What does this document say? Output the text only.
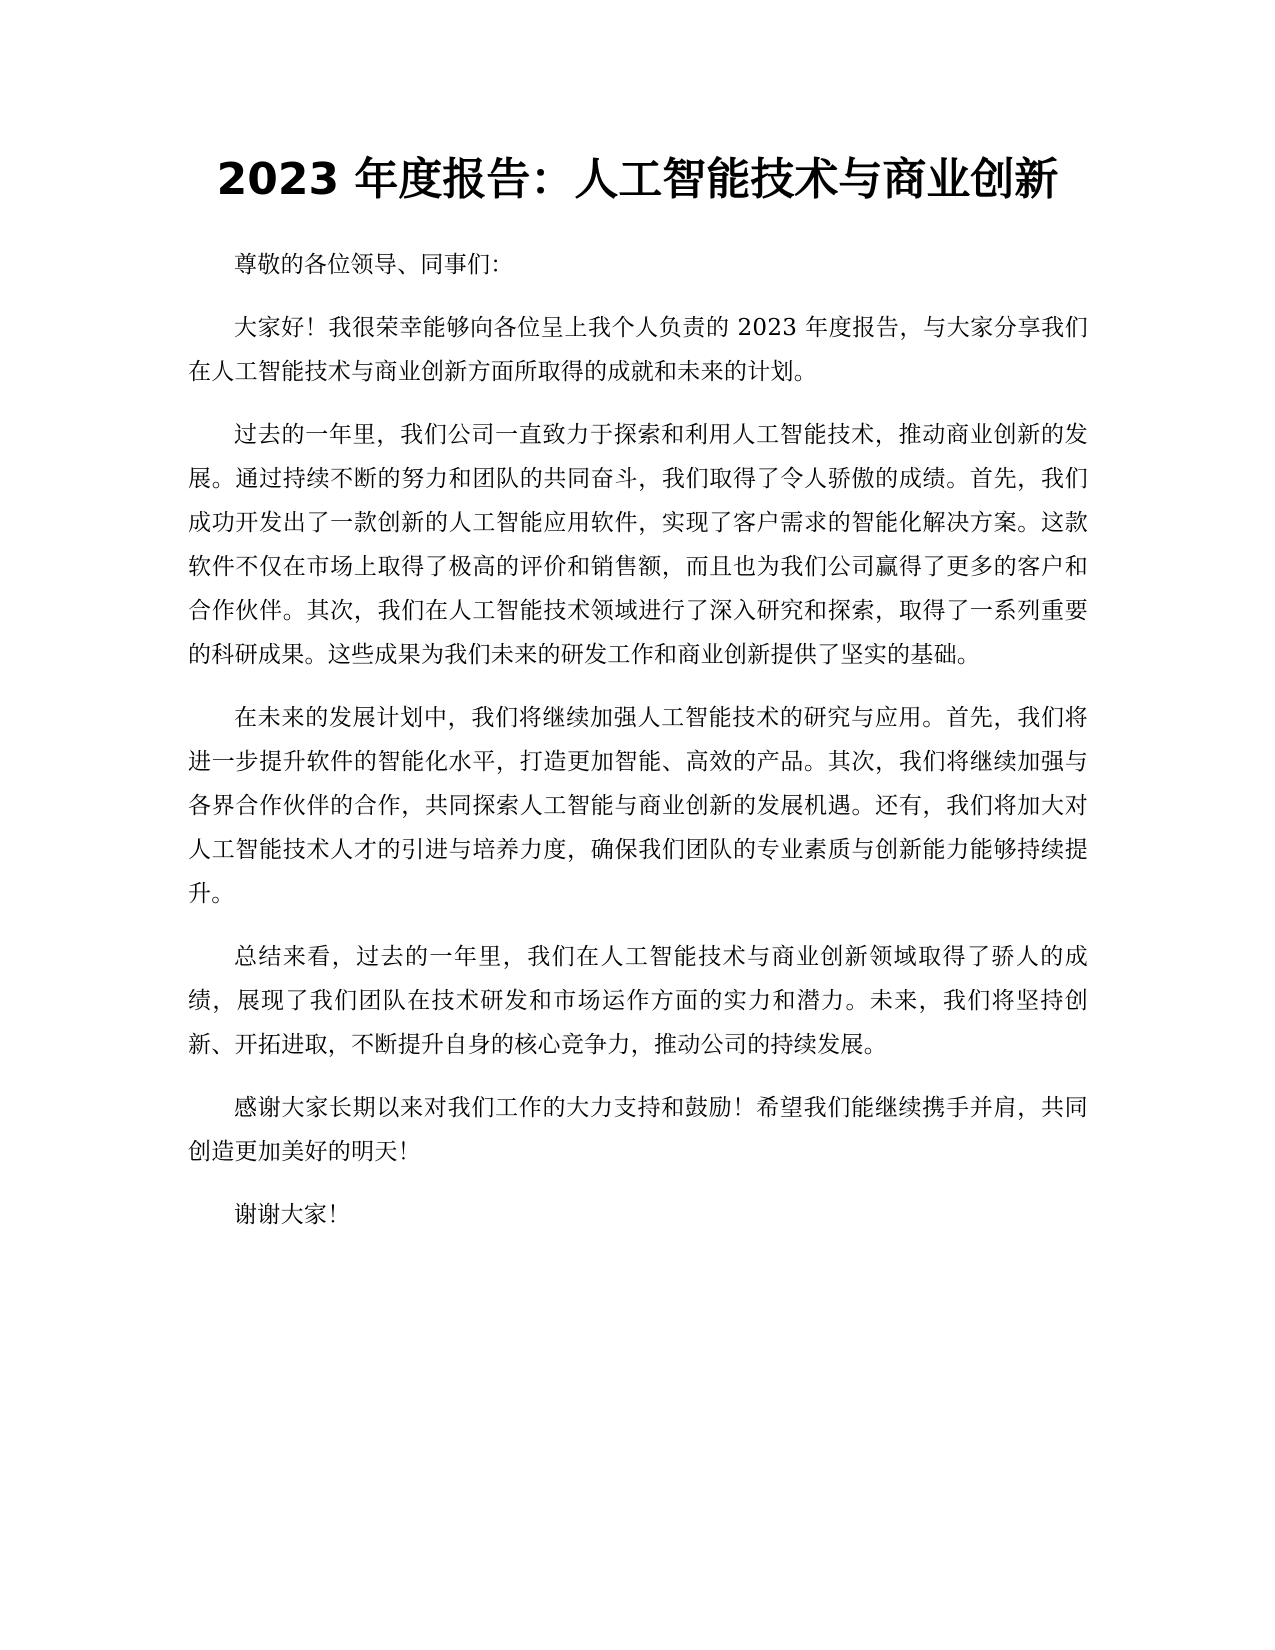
2023 年度报告：人工智能技术与商业创新

尊敬的各位领导、同事们：

大家好！我很荣幸能够向各位呈上我个人负责的 2023 年度报告，与大家分享我们在人工智能技术与商业创新方面所取得的成就和未来的计划。

过去的一年里，我们公司一直致力于探索和利用人工智能技术，推动商业创新的发展。通过持续不断的努力和团队的共同奋斗，我们取得了令人骄傲的成绩。首先，我们成功开发出了一款创新的人工智能应用软件，实现了客户需求的智能化解决方案。这款软件不仅在市场上取得了极高的评价和销售额，而且也为我们公司赢得了更多的客户和合作伙伴。其次，我们在人工智能技术领域进行了深入研究和探索，取得了一系列重要的科研成果。这些成果为我们未来的研发工作和商业创新提供了坚实的基础。

在未来的发展计划中，我们将继续加强人工智能技术的研究与应用。首先，我们将进一步提升软件的智能化水平，打造更加智能、高效的产品。其次，我们将继续加强与各界合作伙伴的合作，共同探索人工智能与商业创新的发展机遇。还有，我们将加大对人工智能技术人才的引进与培养力度，确保我们团队的专业素质与创新能力能够持续提升。

总结来看，过去的一年里，我们在人工智能技术与商业创新领域取得了骄人的成绩，展现了我们团队在技术研发和市场运作方面的实力和潜力。未来，我们将坚持创新、开拓进取，不断提升自身的核心竞争力，推动公司的持续发展。

感谢大家长期以来对我们工作的大力支持和鼓励！希望我们能继续携手并肩，共同创造更加美好的明天！

谢谢大家！
